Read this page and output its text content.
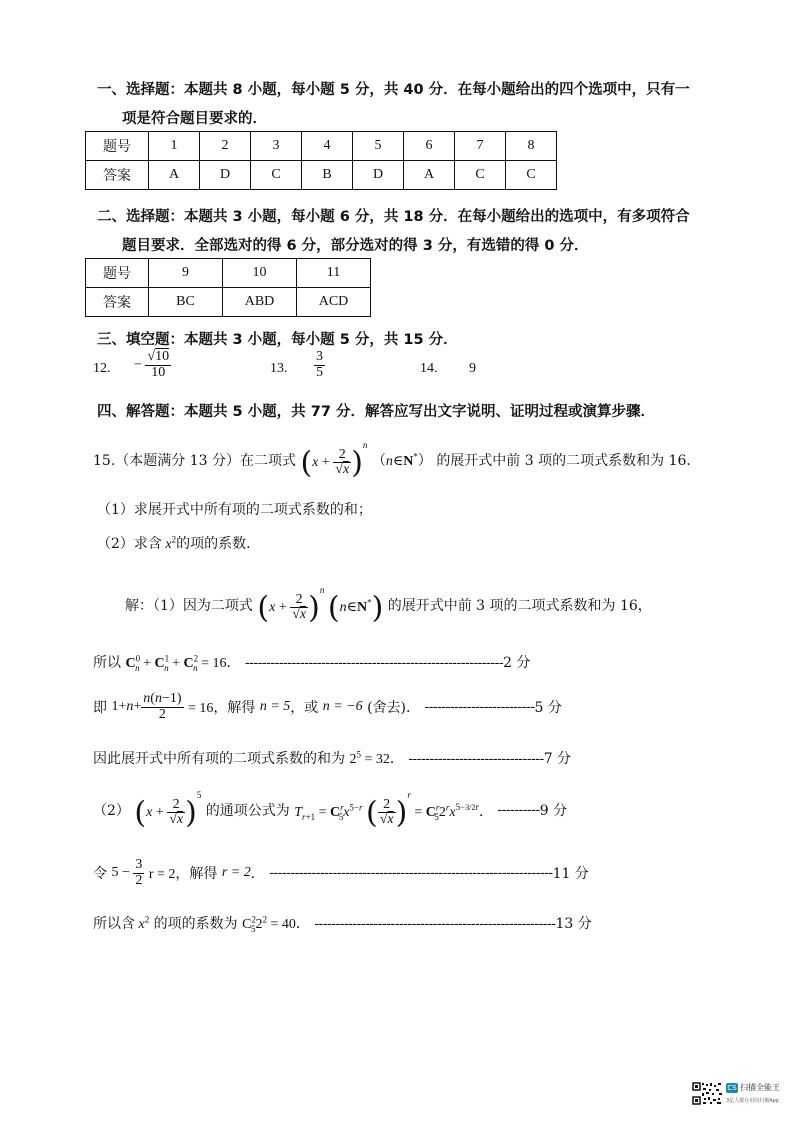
一、选择题：本题共 8 小题，每小题 5 分，共 40 分．在每小题给出的四个选项中，只有一
项是符合题目要求的．
题号	1	2	3	4	5	6	7	8
答案	A	D	C	B	D	A	C	C
二、选择题：本题共 3 小题，每小题 6 分，共 18 分．在每小题给出的选项中，有多项符合
题目要求．全部选对的得 6 分，部分选对的得 3 分，有选错的得 0 分．
题号	9	10	11
答案	BC	ABD	ACD
三、填空题：本题共 3 小题，每小题 5 分，共 15 分．
12. − $\frac{√10}{10}$	13. $\frac{3}{5}$	14. 9
四、解答题：本题共 5 小题，共 77 分．解答应写出文字说明、证明过程或演算步骤．
15.（本题满分 13 分）在二项式 $(x + \frac{2}{√x} )^n$ （n∈N*） 的展开式中前 3 项的二项式系数和为 16．
（1）求展开式中所有项的二项式系数的和；
（2）求含 $x^2$的项的系数．
解：（1）因为二项式 $(x + \frac{2}{√x} )^n$ (n∈N*) 的展开式中前 3 项的二项式系数和为 16，
所以 $C^0_n + C^1_n + C^2_n = 16$． -------------------------------------------------------------2 分
即 $1+n+ \frac{n(n-1)}{2} = 16$，解得 n = 5，或 n = −6 (舍去)． --------------------------5 分
因此展开式中所有项的二项式系数的和为 $2^5 = 32$． --------------------------------7 分
（2） $(x + \frac{2}{√x} )^5$ 的通项公式为 $T_{r+1} = C^r_5x^{5-r}$ ( $\frac{2}{√x} )^r = C^r_52^rx^{5-3/2r}$． ----------9 分
令 $5 - \frac{3}{2}$ r = 2，解得 r = 2． -------------------------------------------------------------------11 分
所以含 $x^2$ 的项的系数为 $C^2_52^2 = 40$． ---------------------------------------------------------13 分
CS 扫描全能王
3亿人都在用的扫描App
